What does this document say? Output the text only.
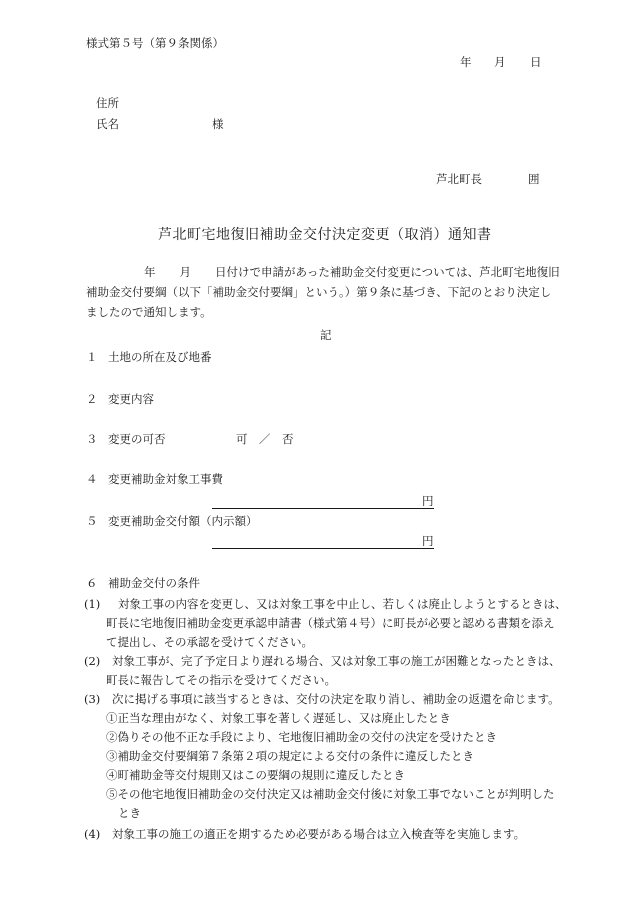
様式第５号（第９条関係）
年 月 日
住所
氏名	様
芦北町長	囲
芦北町宅地復旧補助金交付決定変更（取消）通知書
年 月 日付けで申請があった補助金交付変更については、芦北町宅地復旧
補助金交付要綱（以下「補助金交付要綱」という。）第９条に基づき、下記のとおり決定し
ましたので通知します。
記
１ 土地の所在及び地番
２ 変更内容
３ 変更の可否	可　／　否
４ 変更補助金対象工事費
円
５ 変更補助金交付額（内示額）
円
６ 補助金交付の条件
(1) 対象工事の内容を変更し、又は対象工事を中止し、若しくは廃止しようとするときは、
町長に宅地復旧補助金変更承認申請書（様式第４号）に町長が必要と認める書類を添え
て提出し、その承認を受けてください。
(2) 対象工事が、完了予定日より遅れる場合、又は対象工事の施工が困難となったときは、
町長に報告してその指示を受けてください。
(3) 次に掲げる事項に該当するときは、交付の決定を取り消し、補助金の返還を命じます。
①正当な理由がなく、対象工事を著しく遅延し、又は廃止したとき
②偽りその他不正な手段により、宅地復旧補助金の交付の決定を受けたとき
③補助金交付要綱第７条第２項の規定による交付の条件に違反したとき
④町補助金等交付規則又はこの要綱の規則に違反したとき
⑤その他宅地復旧補助金の交付決定又は補助金交付後に対象工事でないことが判明した
とき
(4) 対象工事の施工の適正を期するため必要がある場合は立入検査等を実施します。
